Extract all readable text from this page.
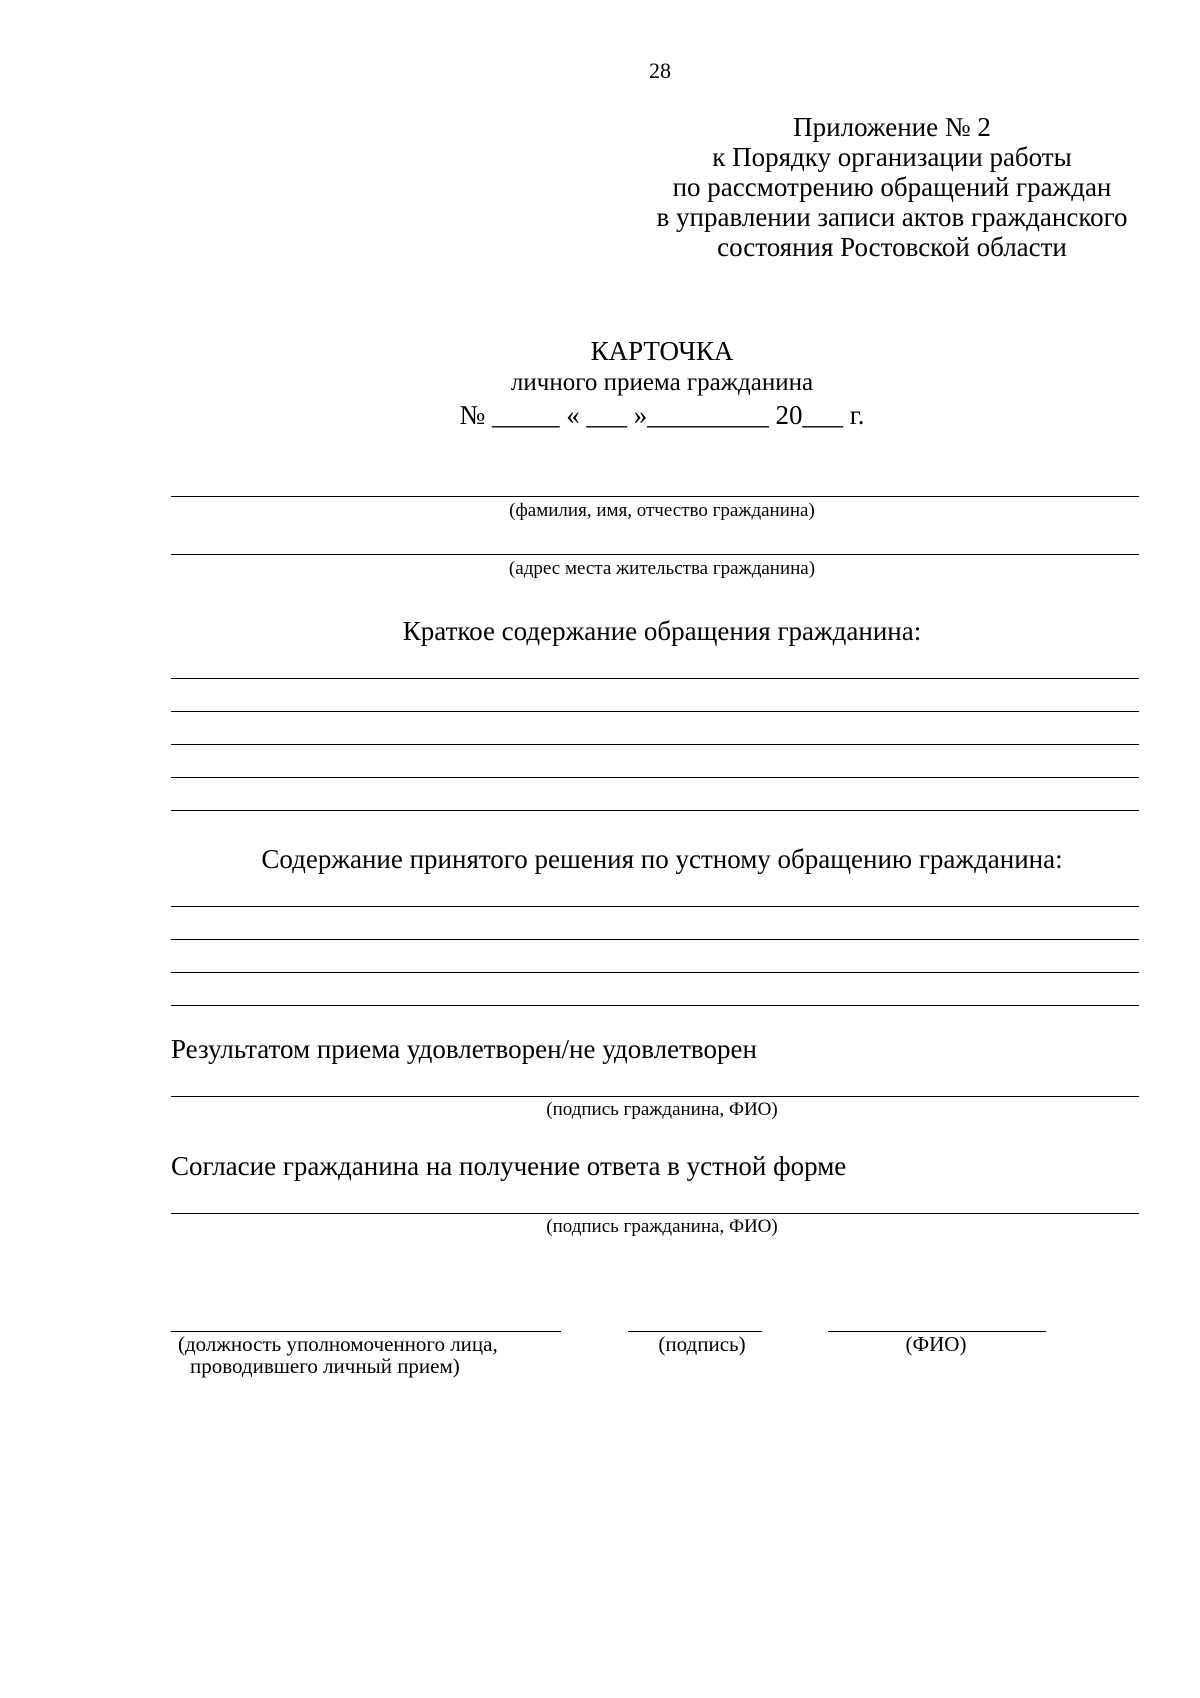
28
Приложение № 2
к Порядку организации работы
по рассмотрению обращений граждан
в управлении записи актов гражданского
состояния Ростовской области
КАРТОЧКА
личного приема гражданина
№ _____ « ___ »_________ 20___ г.
(фамилия, имя, отчество гражданина)
(адрес места жительства гражданина)
Краткое содержание обращения гражданина:
Содержание принятого решения по устному обращению гражданина:
Результатом приема удовлетворен/не удовлетворен
(подпись гражданина, ФИО)
Согласие гражданина на получение ответа в устной форме
(подпись гражданина, ФИО)
(должность уполномоченного лица,
проводившего личный прием)
(подпись)	(ФИО)
